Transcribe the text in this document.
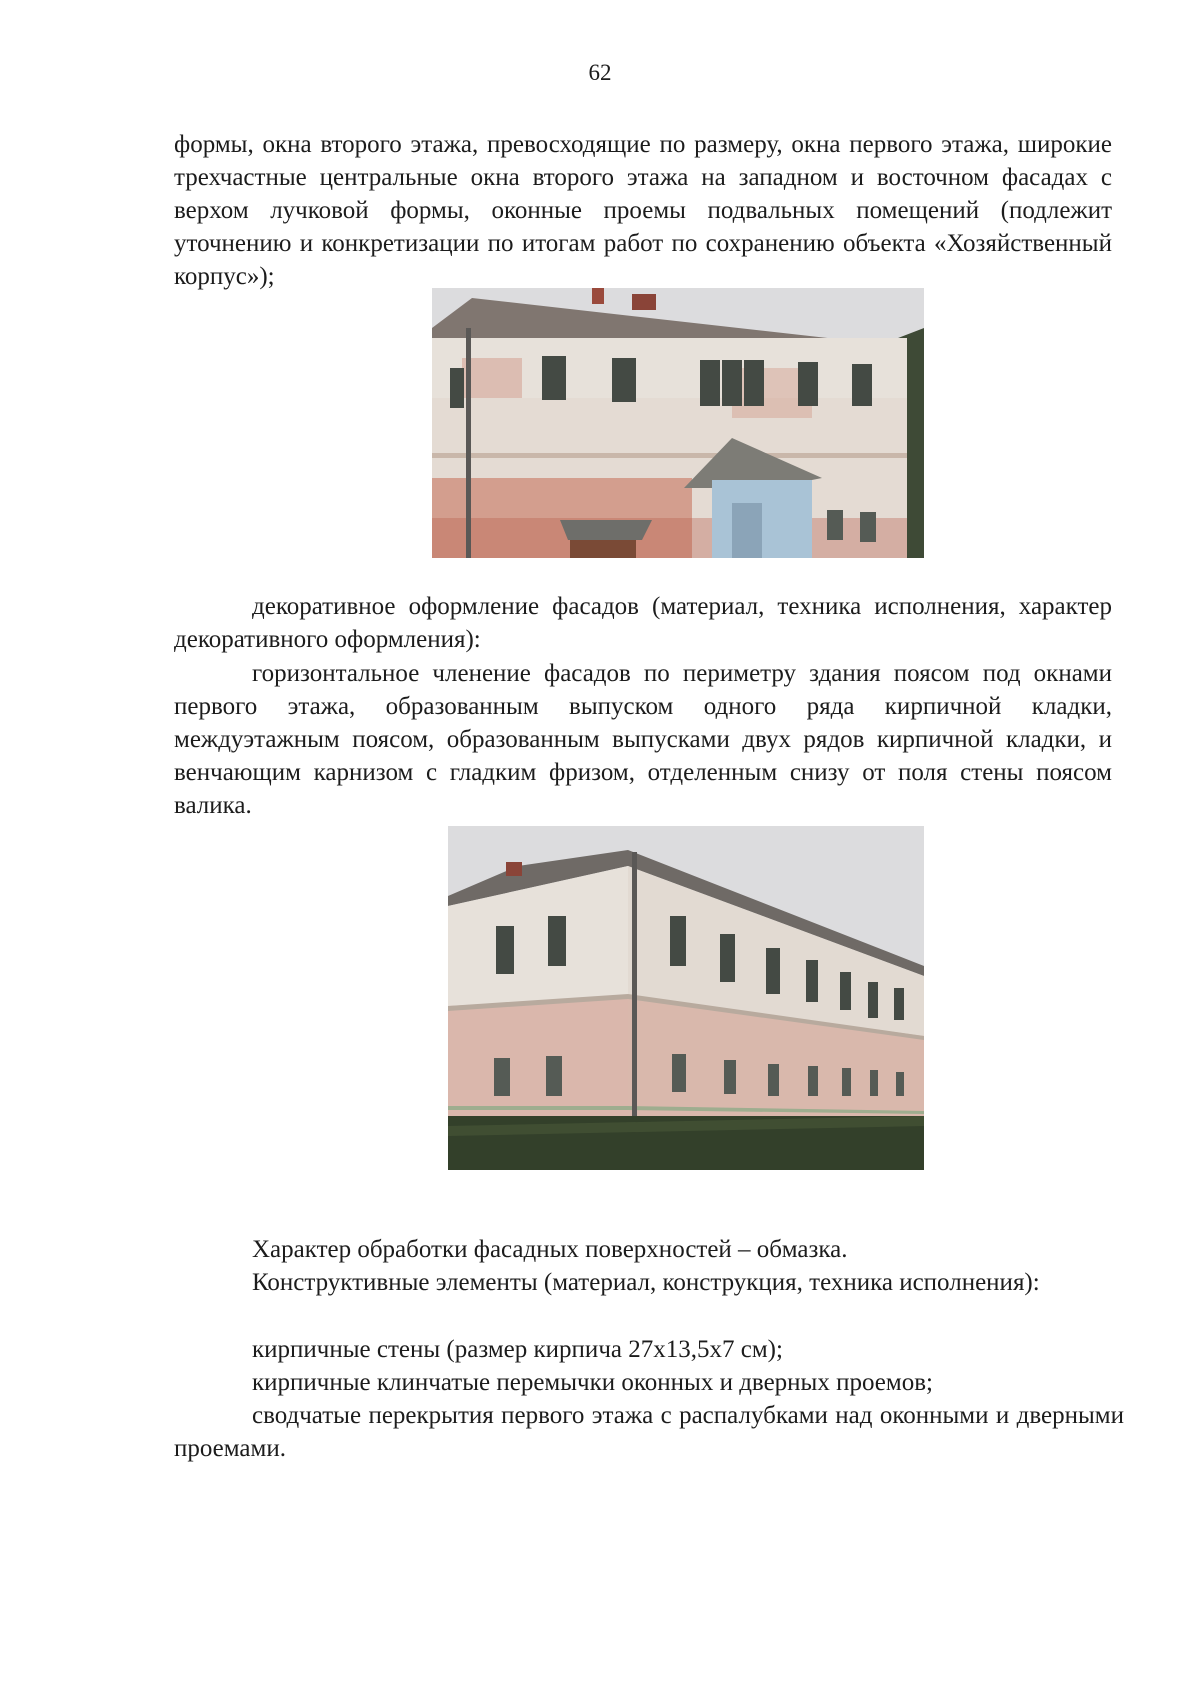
62

формы, окна второго этажа, превосходящие по размеру, окна первого этажа, широкие трехчастные центральные окна второго этажа на западном и восточном фасадах с верхом лучковой формы, оконные проемы подвальных помещений (подлежит уточнению и конкретизации по итогам работ по сохранению объекта «Хозяйственный корпус»);

декоративное оформление фасадов (материал, техника исполнения, характер декоративного оформления):

горизонтальное членение фасадов по периметру здания поясом под окнами первого этажа, образованным выпуском одного ряда кирпичной кладки, междуэтажным поясом, образованным выпусками двух рядов кирпичной кладки, и венчающим карнизом с гладким фризом, отделенным снизу от поля стены поясом валика.

Характер обработки фасадных поверхностей – обмазка.

Конструктивные элементы (материал, конструкция, техника исполнения):

кирпичные стены (размер кирпича 27х13,5х7 см);

кирпичные клинчатые перемычки оконных и дверных проемов;

сводчатые перекрытия первого этажа с распалубками над оконными и дверными проемами.
